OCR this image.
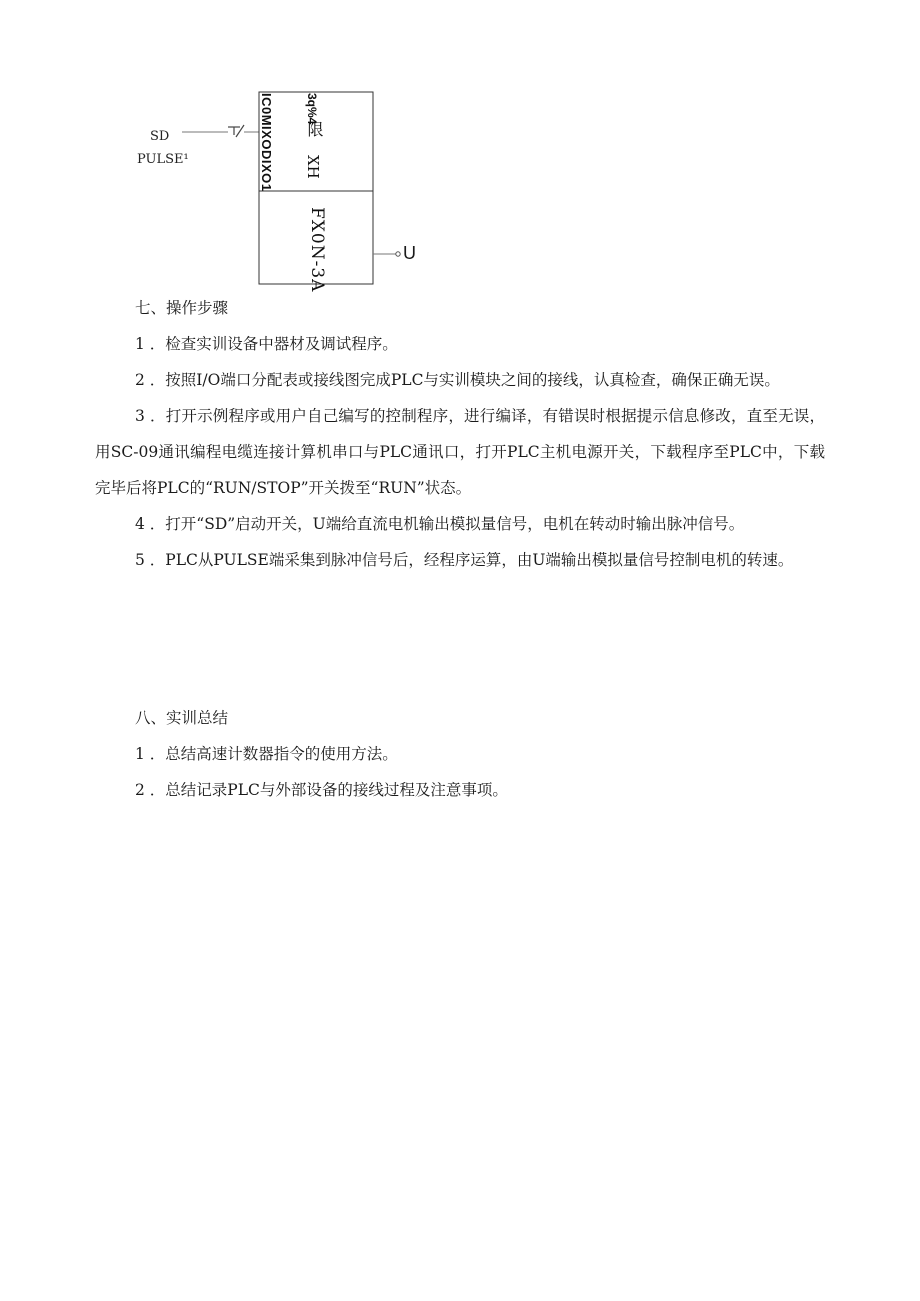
SD
PULSE¹	IC0MIXODIXO1	3q%4
限
XH
FX0N-3A	U

七、操作步骤

1 ．检查实训设备中器材及调试程序。

2 ．按照I/O端口分配表或接线图完成PLC与实训模块之间的接线，认真检查，确保正确无误。

3 ．打开示例程序或用户自己编写的控制程序，进行编译，有错误时根据提示信息修改，直至无误，用SC-09通讯编程电缆连接计算机串口与PLC通讯口，打开PLC主机电源开关，下载程序至PLC中，下载完毕后将PLC的“RUN/STOP”开关拨至“RUN”状态。

4 ．打开“SD”启动开关，U端给直流电机输出模拟量信号，电机在转动时输出脉冲信号。

5 ．PLC从PULSE端采集到脉冲信号后，经程序运算，由U端输出模拟量信号控制电机的转速。

八、实训总结

1 ．总结高速计数器指令的使用方法。

2 ．总结记录PLC与外部设备的接线过程及注意事项。
